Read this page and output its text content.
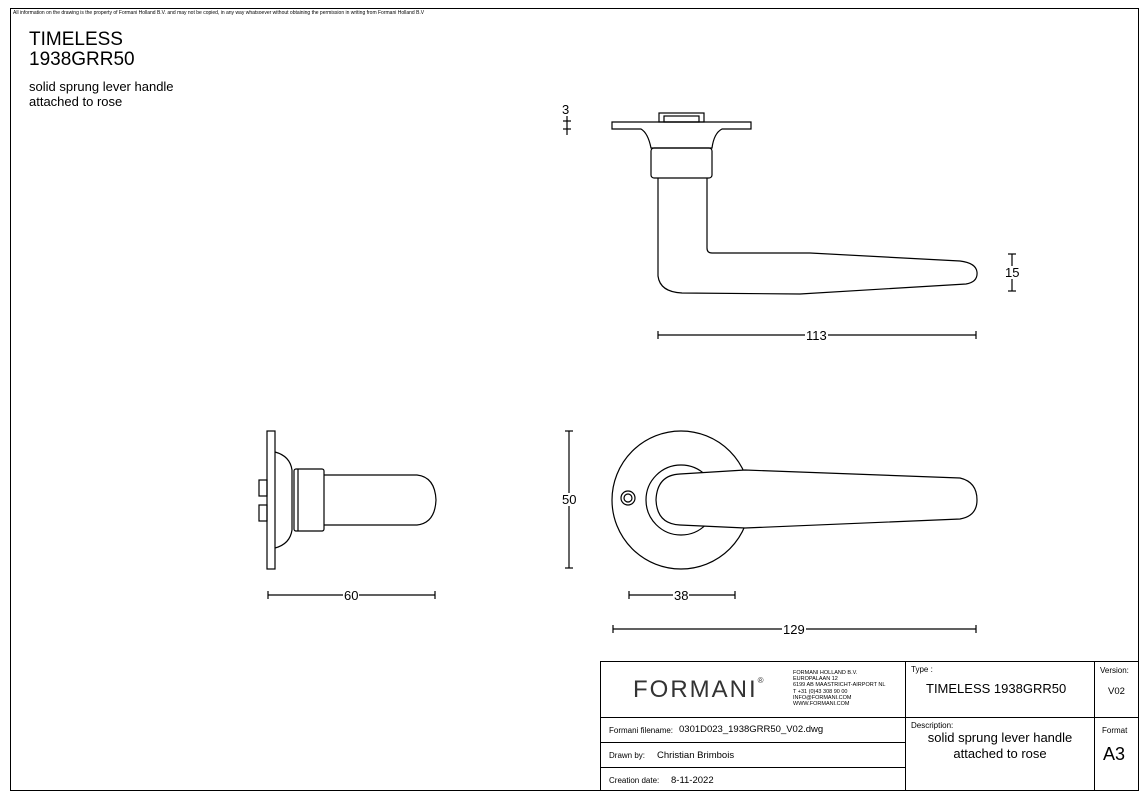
All information on the drawing is the property of Formani Holland B.V. and may not be copied, in any way whatsoever without obtaining the permission in writing from Formani Holland B.V
TIMELESS
1938GRR50
solid sprung lever handle
attached to rose
3
15
113
50
60	38
129
FORMANI®
FORMANI HOLLAND B.V.
EUROPALAAN 12
6199 AB MAASTRICHT-AIRPORT NL
T +31 (0)43 308 90 00
INFO@FORMANI.COM
WWW.FORMANI.COM
Type :
TIMELESS 1938GRR50
Version:
V02
Formani filename: 0301D023_1938GRR50_V02.dwg
Drawn by: Christian Brimbois
Creation date: 8-11-2022
Description:
solid sprung lever handle
attached to rose
Format
A3
